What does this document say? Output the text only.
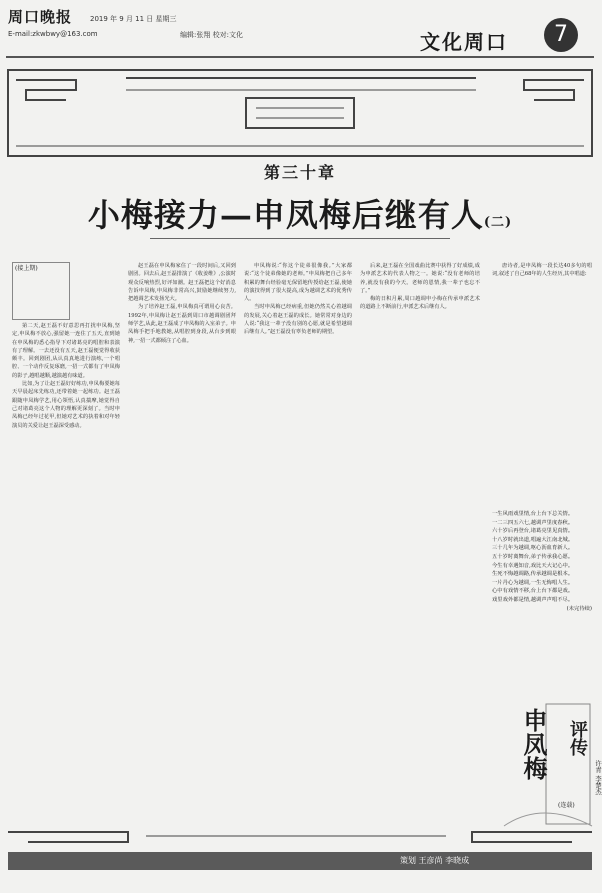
周口晚报	2019 年 9 月 11 日 星期三
E-mail:zkwbwy@163.com	编辑:张翔 校对:文化	文化周口	7
第三十章
小梅接力—申凤梅后继有人(二)
(接上期)

第二天,赵王磊不好意思再打扰申凤梅,坚定,申凤梅不放心,强留她一连住了五天,直到她在申凤梅的悉心指导下对诸葛亮的唱腔和表演有了理解。一去还没有五天,赵王磊便觉得收获颇丰。回到剧团,从认真真地进行演练,一个唱腔、一个动作反复琢磨,一招一式都有了申凤梅的影子,越唱越顺,越演越有味道。

比如,为了让赵王磊好好练功,申凤梅要她每天早晨起床先练功,还带着她一起练功。赵王磊跟随申凤梅学艺,用心领悟,认真揣摩,她觉得自己对诸葛亮这个人物的理解更深刻了。当时申凤梅已经年过花甲,但她对艺术的执着和对年轻演员的关爱让赵王磊深受感动。

赵王磊在申凤梅家住了一段时间后,又回到剧团。回去后,赵王磊排演了《收姜维》,公演时观众反响热烈,好评如潮。赵王磊把这个好消息告诉申凤梅,申凤梅非常高兴,鼓励她继续努力,把越调艺术发扬光大。

为了培养赵王磊,申凤梅真可谓用心良苦。1992年,申凤梅让赵王磊到周口市越调剧团拜师学艺,从此,赵王磊成了申凤梅的入室弟子。申凤梅手把手地教她,从唱腔到身段,从台步到眼神,一招一式都倾注了心血。

申凤梅说:“你这个徒弟很像我。”大家都说:“这个徒弟像她的老师。”申凤梅把自己多年积累的舞台经验毫无保留地传授给赵王磊,使她的演技得到了很大提高,成为越调艺术的优秀传人。

当时申凤梅已经病重,但她仍然关心着越调的发展,关心着赵王磊的成长。她常常对身边的人说:“我这一辈子没有别的心愿,就是希望越调后继有人。”赵王磊没有辜负老师的期望。

后来,赵王磊在全国戏曲比赛中获得了好成绩,成为申派艺术的代表人物之一。她说:“没有老师的培养,就没有我的今天。老师的恩情,我一辈子也忘不了。”

梅的日积月累,周口越调申小梅在传承申派艺术的道路上不断前行,申派艺术后继有人。

唐诗者,是申凤梅一段长达40多句的唱词,叙述了自己68年的人生经历,其中唱道:

一生风雨戏里情,台上台下总关情。

一二三四五六七,越调声里度春秋。

六十岁后再登台,诸葛亮里见真情。

十八岁时就出道,唱遍大江南北城。

三十几年为越调,呕心沥血育新人。

五十岁时离舞台,弟子传承我心愿。

今生有幸遇知音,戏比天大记心中。

生死不悔越调路,传承越调是根本。

一片丹心为越调,一生无悔唱人生。

心中有戏情不移,台上台下都是戏。

戏里戏外都是情,越调声声唱不尽。

(未完待续)

申凤梅	评传
许青 李楚杰
(连载)
策划 王彦尚 李晓成
